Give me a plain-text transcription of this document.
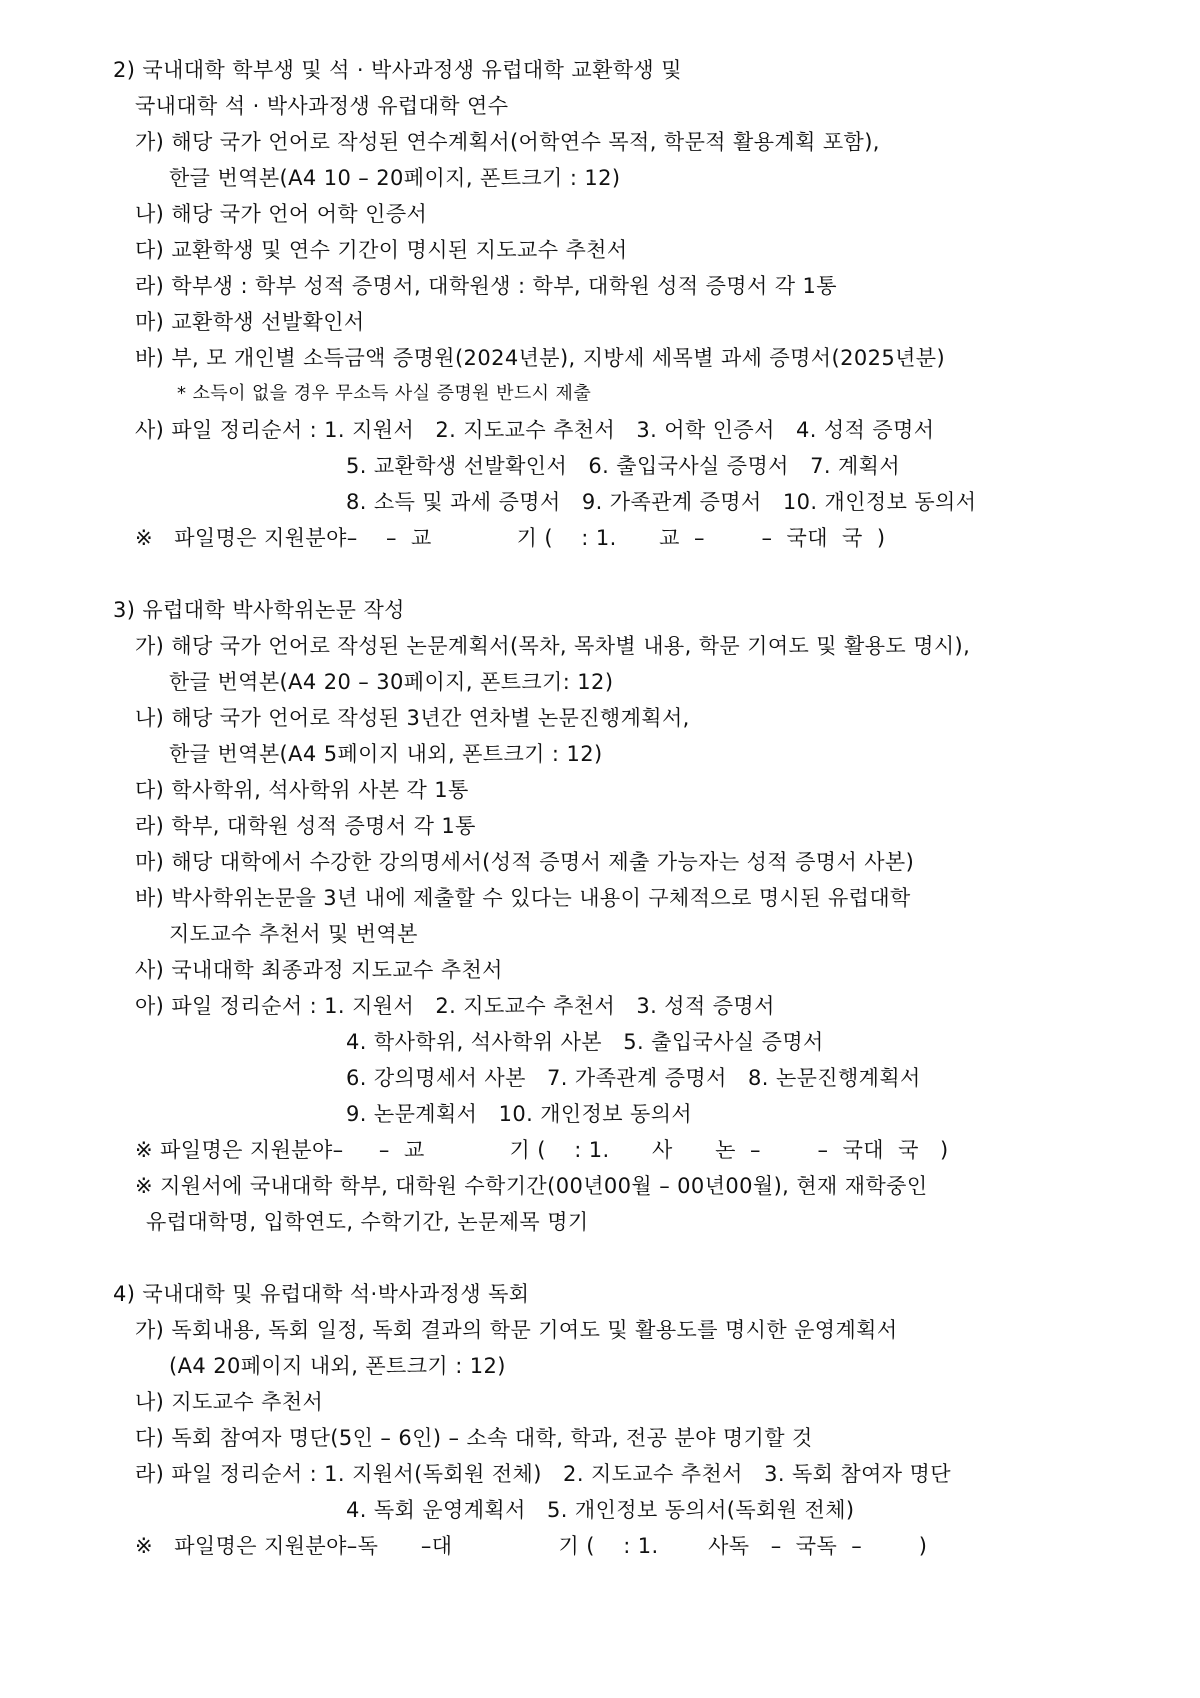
2) 국내대학 학부생 및 석 · 박사과정생 유럽대학 교환학생 및
국내대학 석 · 박사과정생 유럽대학 연수
가) 해당 국가 언어로 작성된 연수계획서(어학연수 목적, 학문적 활용계획 포함),
한글 번역본(A4 10 – 20페이지, 폰트크기 : 12)
나) 해당 국가 언어 어학 인증서
다) 교환학생 및 연수 기간이 명시된 지도교수 추천서
라) 학부생 : 학부 성적 증명서, 대학원생 : 학부, 대학원 성적 증명서 각 1통
마) 교환학생 선발확인서
바) 부, 모 개인별 소득금액 증명원(2024년분), 지방세 세목별 과세 증명서(2025년분)
* 소득이 없을 경우 무소득 사실 증명원 반드시 제출
사) 파일 정리순서 : 1. 지원서   2. 지도교수 추천서   3. 어학 인증서   4. 성적 증명서
5. 교환학생 선발확인서   6. 출입국사실 증명서   7. 계획서
8. 소득 및 과세 증명서   9. 가족관계 증명서   10. 개인정보 동의서
※   파일명은 지원분야–    –  교            기 (    : 1.      교  –        –  국대  국  )
3) 유럽대학 박사학위논문 작성
가) 해당 국가 언어로 작성된 논문계획서(목차, 목차별 내용, 학문 기여도 및 활용도 명시),
한글 번역본(A4 20 – 30페이지, 폰트크기: 12)
나) 해당 국가 언어로 작성된 3년간 연차별 논문진행계획서,
한글 번역본(A4 5페이지 내외, 폰트크기 : 12)
다) 학사학위, 석사학위 사본 각 1통
라) 학부, 대학원 성적 증명서 각 1통
마) 해당 대학에서 수강한 강의명세서(성적 증명서 제출 가능자는 성적 증명서 사본)
바) 박사학위논문을 3년 내에 제출할 수 있다는 내용이 구체적으로 명시된 유럽대학
지도교수 추천서 및 번역본
사) 국내대학 최종과정 지도교수 추천서
아) 파일 정리순서 : 1. 지원서   2. 지도교수 추천서   3. 성적 증명서
4. 학사학위, 석사학위 사본   5. 출입국사실 증명서
6. 강의명세서 사본   7. 가족관계 증명서   8. 논문진행계획서
9. 논문계획서   10. 개인정보 동의서
※ 파일명은 지원분야–     –  교            기 (    : 1.      사      논  –        –  국대  국   )
※ 지원서에 국내대학 학부, 대학원 수학기간(00년00월 – 00년00월), 현재 재학중인
유럽대학명, 입학연도, 수학기간, 논문제목 명기
4) 국내대학 및 유럽대학 석·박사과정생 독회
가) 독회내용, 독회 일정, 독회 결과의 학문 기여도 및 활용도를 명시한 운영계획서
(A4 20페이지 내외, 폰트크기 : 12)
나) 지도교수 추천서
다) 독회 참여자 명단(5인 – 6인) – 소속 대학, 학과, 전공 분야 명기할 것
라) 파일 정리순서 : 1. 지원서(독회원 전체)   2. 지도교수 추천서   3. 독회 참여자 명단
4. 독회 운영계획서   5. 개인정보 동의서(독회원 전체)
※   파일명은 지원분야–독      –대               기 (    : 1.       사독   –  국독  –        )
